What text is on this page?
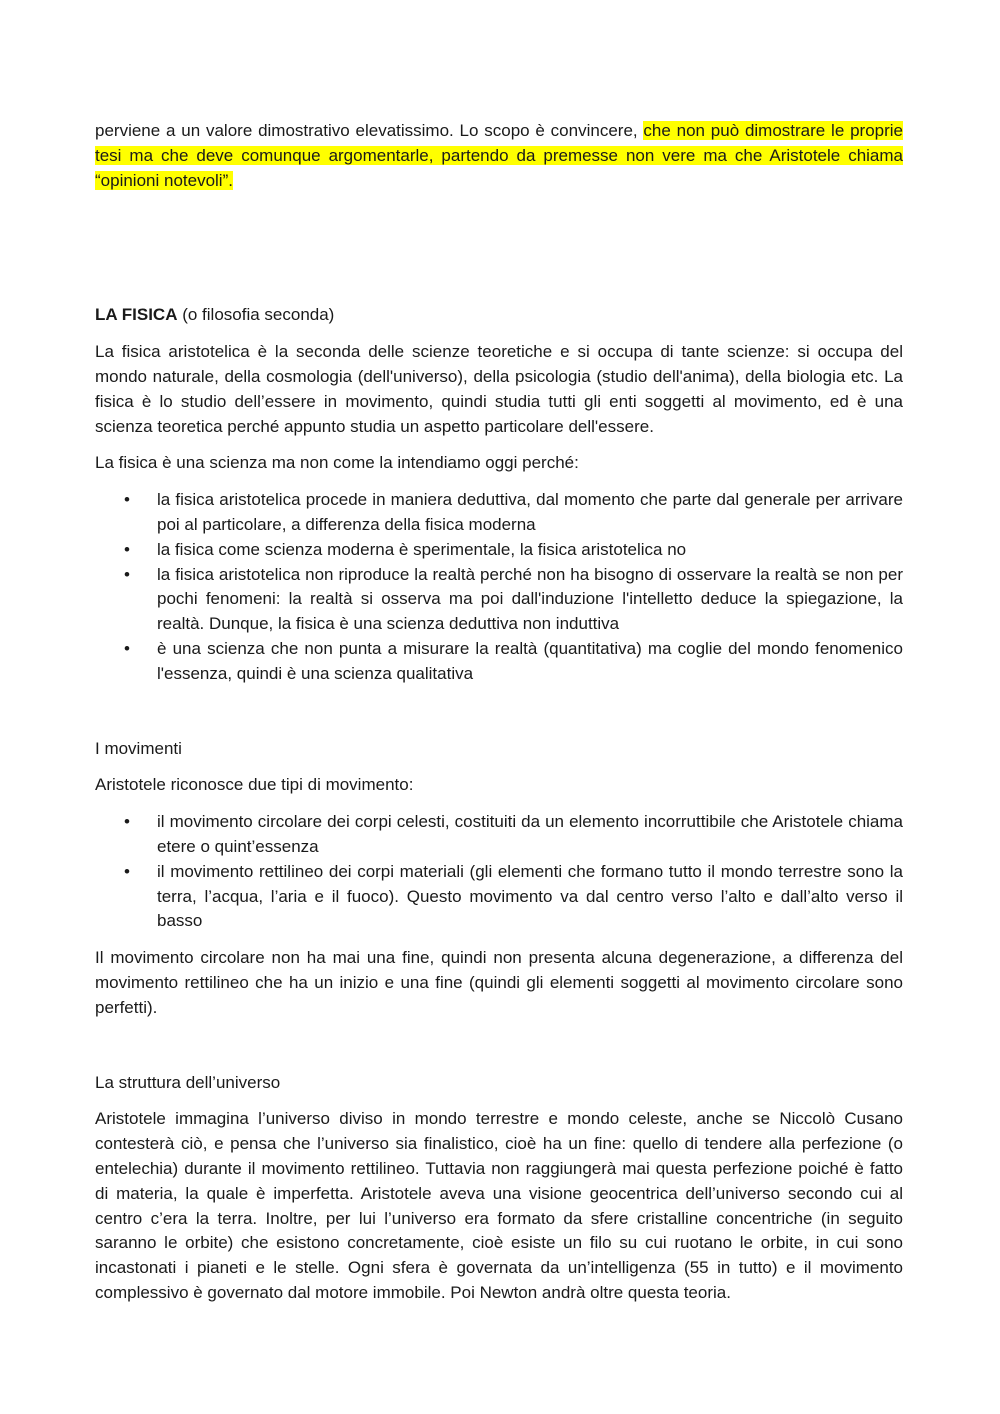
perviene a un valore dimostrativo elevatissimo. Lo scopo è convincere, che non può dimostrare le proprie tesi ma che deve comunque argomentarle, partendo da premesse non vere ma che Aristotele chiama “opinioni notevoli”.

LA FISICA (o filosofia seconda)

La fisica aristotelica è la seconda delle scienze teoretiche e si occupa di tante scienze: si occupa del mondo naturale, della cosmologia (dell'universo), della psicologia (studio dell'anima), della biologia etc. La fisica è lo studio dell’essere in movimento, quindi studia tutti gli enti soggetti al movimento, ed è una scienza teoretica perché appunto studia un aspetto particolare dell'essere.

La fisica è una scienza ma non come la intendiamo oggi perché:

• la fisica aristotelica procede in maniera deduttiva, dal momento che parte dal generale per arrivare poi al particolare, a differenza della fisica moderna
• la fisica come scienza moderna è sperimentale, la fisica aristotelica no
• la fisica aristotelica non riproduce la realtà perché non ha bisogno di osservare la realtà se non per pochi fenomeni: la realtà si osserva ma poi dall'induzione l'intelletto deduce la spiegazione, la realtà. Dunque, la fisica è una scienza deduttiva non induttiva
• è una scienza che non punta a misurare la realtà (quantitativa) ma coglie del mondo fenomenico l'essenza, quindi è una scienza qualitativa

I movimenti

Aristotele riconosce due tipi di movimento:

• il movimento circolare dei corpi celesti, costituiti da un elemento incorruttibile che Aristotele chiama etere o quint’essenza
• il movimento rettilineo dei corpi materiali (gli elementi che formano tutto il mondo terrestre sono la terra, l’acqua, l’aria e il fuoco). Questo movimento va dal centro verso l’alto e dall’alto verso il basso

Il movimento circolare non ha mai una fine, quindi non presenta alcuna degenerazione, a differenza del movimento rettilineo che ha un inizio e una fine (quindi gli elementi soggetti al movimento circolare sono perfetti).

La struttura dell’universo

Aristotele immagina l’universo diviso in mondo terrestre e mondo celeste, anche se Niccolò Cusano contesterà ciò, e pensa che l’universo sia finalistico, cioè ha un fine: quello di tendere alla perfezione (o entelechia) durante il movimento rettilineo. Tuttavia non raggiungerà mai questa perfezione poiché è fatto di materia, la quale è imperfetta. Aristotele aveva una visione geocentrica dell’universo secondo cui al centro c’era la terra. Inoltre, per lui l’universo era formato da sfere cristalline concentriche (in seguito saranno le orbite) che esistono concretamente, cioè esiste un filo su cui ruotano le orbite, in cui sono incastonati i pianeti e le stelle. Ogni sfera è governata da un’intelligenza (55 in tutto) e il movimento complessivo è governato dal motore immobile. Poi Newton andrà oltre questa teoria.
